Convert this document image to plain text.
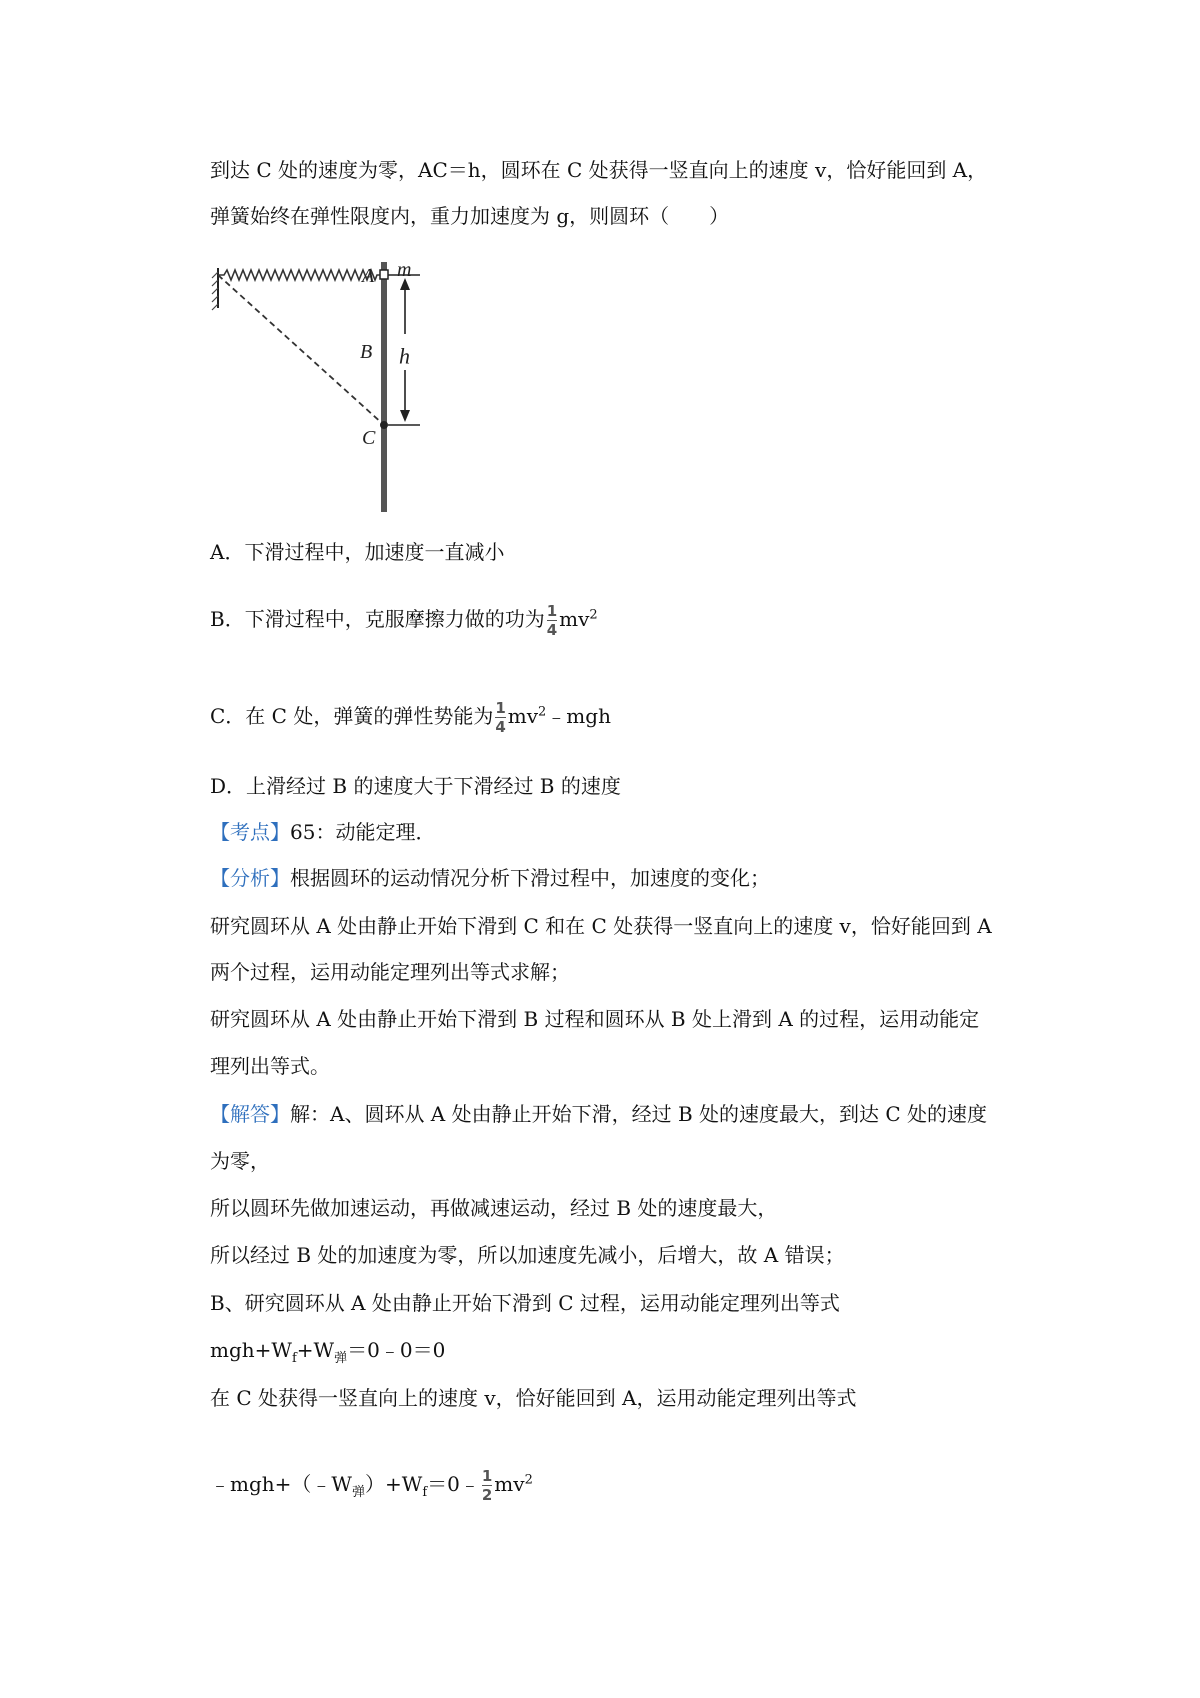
到达 C 处的速度为零，AC＝h，圆环在 C 处获得一竖直向上的速度 v，恰好能回到 A，
弹簧始终在弹性限度内，重力加速度为 g，则圆环（　　）
A m
B h
C
A．下滑过程中，加速度一直减小
B．下滑过程中，克服摩擦力做的功为 $\frac{1}{4} mv^2$
C．在 C 处，弹簧的弹性势能为 $\frac{1}{4}$ $mv^2﹣mgh$
D．上滑经过 B 的速度大于下滑经过 B 的速度
【考点】65：动能定理．
【分析】根据圆环的运动情况分析下滑过程中，加速度的变化；
研究圆环从 A 处由静止开始下滑到 C 和在 C 处获得一竖直向上的速度 v，恰好能回到 A
两个过程，运用动能定理列出等式求解；
研究圆环从 A 处由静止开始下滑到 B 过程和圆环从 B 处上滑到 A 的过程，运用动能定
理列出等式。
【解答】解：A、圆环从 A 处由静止开始下滑，经过 B 处的速度最大，到达 C 处的速度
为零，
所以圆环先做加速运动，再做减速运动，经过 B 处的速度最大，
所以经过 B 处的加速度为零，所以加速度先减小，后增大，故 A 错误；
B、研究圆环从 A 处由静止开始下滑到 C 过程，运用动能定理列出等式
$mgh+W_f+W_弹=0﹣0=0$
在 C 处获得一竖直向上的速度 v，恰好能回到 A，运用动能定理列出等式
$﹣mgh+(﹣W_弹)+W_f=0﹣ \frac{1}{2} mv^2$
